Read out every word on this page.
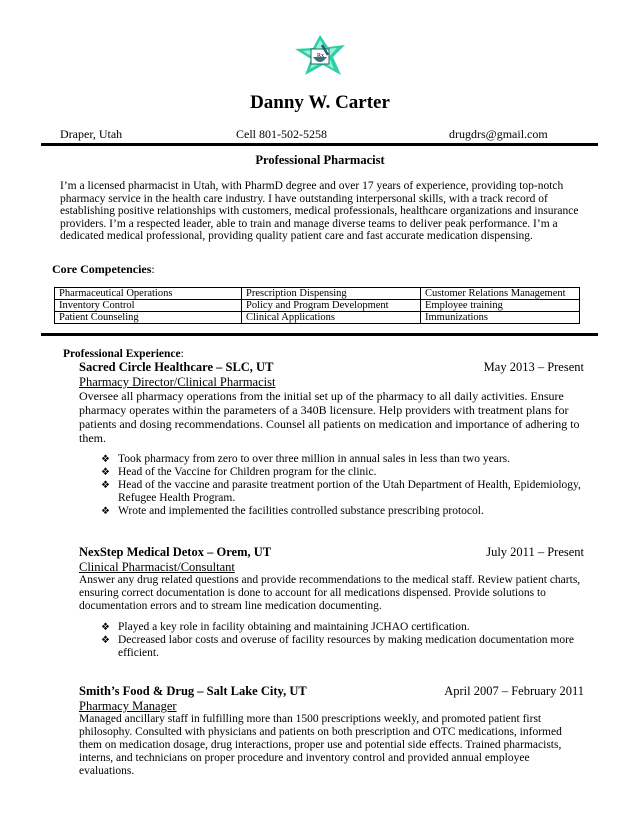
Rx
Danny W. Carter
Draper, Utah	Cell 801-502-5258	drugdrs@gmail.com
Professional Pharmacist
I’m a licensed pharmacist in Utah, with PharmD degree and over 17 years of experience, providing top-notch pharmacy service in the health care industry. I have outstanding interpersonal skills, with a track record of establishing positive relationships with customers, medical professionals, healthcare organizations and insurance providers. I’m a respected leader, able to train and manage diverse teams to deliver peak performance. I’m a dedicated medical professional, providing quality patient care and fast accurate medication dispensing.
Core Competencies:
Pharmaceutical Operations	Prescription Dispensing	Customer Relations Management
Inventory Control	Policy and Program Development	Employee training
Patient Counseling	Clinical Applications	Immunizations
Professional Experience:
Sacred Circle Healthcare – SLC, UT	May 2013 – Present
Pharmacy Director/Clinical Pharmacist
Oversee all pharmacy operations from the initial set up of the pharmacy to all daily activities. Ensure pharmacy operates within the parameters of a 340B licensure. Help providers with treatment plans for patients and dosing recommendations. Counsel all patients on medication and importance of adhering to them.
❖ Took pharmacy from zero to over three million in annual sales in less than two years.
❖ Head of the Vaccine for Children program for the clinic.
❖ Head of the vaccine and parasite treatment portion of the Utah Department of Health, Epidemiology, Refugee Health Program.
❖ Wrote and implemented the facilities controlled substance prescribing protocol.
NexStep Medical Detox – Orem, UT	July 2011 – Present
Clinical Pharmacist/Consultant
Answer any drug related questions and provide recommendations to the medical staff. Review patient charts, ensuring correct documentation is done to account for all medications dispensed. Provide solutions to documentation errors and to stream line medication documenting.
❖ Played a key role in facility obtaining and maintaining JCHAO certification.
❖ Decreased labor costs and overuse of facility resources by making medication documentation more efficient.
Smith’s Food & Drug – Salt Lake City, UT	April 2007 – February 2011
Pharmacy Manager
Managed ancillary staff in fulfilling more than 1500 prescriptions weekly, and promoted patient first philosophy. Consulted with physicians and patients on both prescription and OTC medications, informed them on medication dosage, drug interactions, proper use and potential side effects. Trained pharmacists, interns, and technicians on proper procedure and inventory control and provided annual employee evaluations.
